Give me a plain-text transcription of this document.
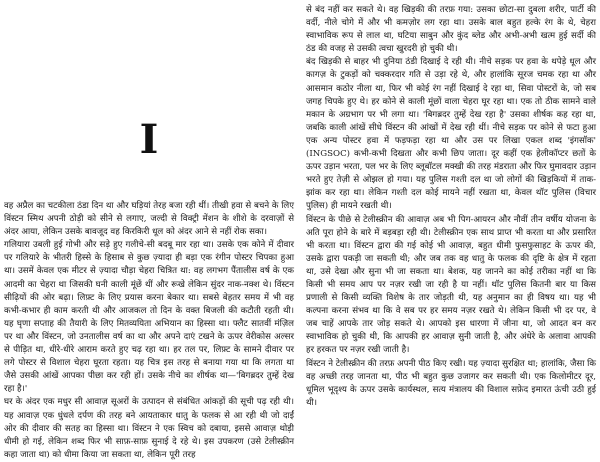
I

वह अप्रैल का चटकीला ठंडा दिन था और घड़ियां तेरह बजा रही थीं। तीखी हवा से बचने के लिए विंस्टन स्मिथ अपनी ठोड़ी को सीने से लगाए, जल्दी से विक्ट्री मेंशन के शीशे के दरवाज़ों से अंदर आया, लेकिन उसके बावजूद वह किरकिरी धूल को अंदर आने से नहीं रोक सका।

गलियारा उबली हुई गोभी और सड़े हुए गलीचे-सी बदबू मार रहा था। उसके एक कोने में दीवार पर गलियारे के भीतरी हिस्से के हिसाब से कुछ ज़्यादा ही बड़ा एक रंगीन पोस्टर चिपका हुआ था। उसमें केवल एक मीटर से ज़्यादा चौड़ा चेहरा चित्रित था: वह लगभग पैंतालीस वर्ष के एक आदमी का चेहरा था जिसकी घनी काली मूंछें थीं और रूखे लेकिन सुंदर नाक-नक्श थे। विंस्टन सीढ़ियों की ओर बढ़ा। लिफ़्ट के लिए प्रयास करना बेकार था। सबसे बेहतर समय में भी वह कभी-कभार ही काम करती थी और आजकल तो दिन के वक्त बिजली की कटौती रहती थी। यह घृणा सप्ताह की तैयारी के लिए मितव्ययिता अभियान का हिस्सा था। फ्लैट सातवीं मंज़िल पर था और विंस्टन, जो उनतालीस वर्ष का था और अपने दाएं टखने के ऊपर वेरीकोस अल्सर से पीड़ित था, धीरे-धीरे आराम करते हुए चढ़ रहा था। हर तल पर, लिफ़्ट के सामने दीवार पर लगे पोस्टर से विशाल चेहरा घूरता रहता। यह चित्र इस तरह से बनाया गया था कि लगता था जैसे उसकी आंखें आपका पीछा कर रही हों। उसके नीचे का शीर्षक था—'बिगब्रदर तुम्हें देख रहा है।'

घर के अंदर एक मधुर सी आवाज़ सूअरों के उत्पादन से संबंधित आंकड़ों की सूची पढ़ रही थी। यह आवाज़ एक धुंधले दर्पण की तरह बने आयताकार धातु के फलक से आ रही थी जो दाईं ओर की दीवार की सतह का हिस्सा था। विंस्टन ने एक स्विच को दबाया, इससे आवाज़ थोड़ी धीमी हो गई, लेकिन शब्द फिर भी साफ़-साफ़ सुनाई दे रहे थे। इस उपकरण (उसे टेलीस्क्रीन कहा जाता था) को धीमा किया जा सकता था, लेकिन पूरी तरह

से बंद नहीं कर सकते थे। वह खिड़की की तरफ़ गया: उसका छोटा-सा दुबला शरीर, पार्टी की वर्दी, नीले चोगे में और भी कमज़ोर लग रहा था। उसके बाल बहुत हल्के रंग के थे, चेहरा स्वाभाविक रूप से लाल था, घटिया साबुन और कुंद ब्लेड और अभी-अभी खत्म हुई सर्दी की ठंड की वजह से उसकी त्वचा खुरदरी हो चुकी थी।

बंद खिड़की से बाहर भी दुनिया ठंडी दिखाई दे रही थी। नीचे सड़क पर हवा के थपेड़े धूल और कागज़ के टुकड़ों को चक्करदार गति से उड़ा रहे थे, और हालांकि सूरज चमक रहा था और आसमान कठोर नीला था, फिर भी कोई रंग नहीं दिखाई दे रहा था, सिवा पोस्टरों के, जो सब जगह चिपके हुए थे। हर कोने से काली मूंछों वाला चेहरा घूर रहा था। एक तो ठीक सामने वाले मकान के अग्रभाग पर भी लगा था। 'बिगब्रदर तुम्हें देख रहा है' उसका शीर्षक कह रहा था, जबकि काली आंखें सीधे विंस्टन की आंखों में देख रही थीं। नीचे सड़क पर कोने से फटा हुआ एक अन्य पोस्टर हवा में फड़फड़ा रहा था और उस पर लिखा एकल शब्द 'इंगसॉक' (INGSOC) कभी-कभी दिखता और कभी छिप जाता। दूर कहीं एक हेलीकॉप्टर छतों के ऊपर उड़ान भरता, पल भर के लिए ब्लूबॉटल मक्खी की तरह मंडराता और फिर घुमावदार उड़ान भरते हुए तेज़ी से ओझल हो गया। यह पुलिस गश्ती दल था जो लोगों की खिड़कियों में ताक-झांक कर रहा था। लेकिन गश्ती दल कोई मायने नहीं रखता था, केवल थॉट पुलिस (विचार पुलिस) ही मायने रखती थी।

विंस्टन के पीछे से टेलीस्क्रीन की आवाज़ अब भी पिग-आयरन और नौवीं तीन वर्षीय योजना के अति पूरा होने के बारे में बड़बड़ा रही थी। टेलीस्क्रीन एक साथ प्राप्त भी करता था और प्रसारित भी करता था। विंस्टन द्वारा की गई कोई भी आवाज़, बहुत धीमी फुसफुसाहट के ऊपर की, उसके द्वारा पकड़ी जा सकती थी; और जब तक वह धातु के फलक की दृष्टि के क्षेत्र में रहता था, उसे देखा और सुना भी जा सकता था। बेशक, यह जानने का कोई तरीका नहीं था कि किसी भी समय आप पर नज़र रखी जा रही है या नहीं। थॉट पुलिस कितनी बार या किस प्रणाली से किसी व्यक्ति विशेष के तार जोड़ती थी, यह अनुमान का ही विषय था। यह भी कल्पना करना संभव था कि वे सब पर हर समय नज़र रखते थे। लेकिन किसी भी दर पर, वे जब चाहें आपके तार जोड़ सकते थे। आपको इस धारणा में जीना था, जो आदत बन कर स्वाभाविक हो चुकी थी, कि आपकी हर आवाज़ सुनी जाती है, और अंधेरे के अलावा आपकी हर हरकत पर नज़र रखी जाती है।

विंस्टन ने टेलीस्क्रीन की तरफ़ अपनी पीठ किए रखी। यह ज़्यादा सुरक्षित था; हालांकि, जैसा कि वह अच्छी तरह जानता था, पीठ भी बहुत कुछ उजागर कर सकती थी। एक किलोमीटर दूर, धूमिल भूदृश्य के ऊपर उसके कार्यस्थल, सत्य मंत्रालय की विशाल सफ़ेद इमारत ऊंची उठी हुई थी।
